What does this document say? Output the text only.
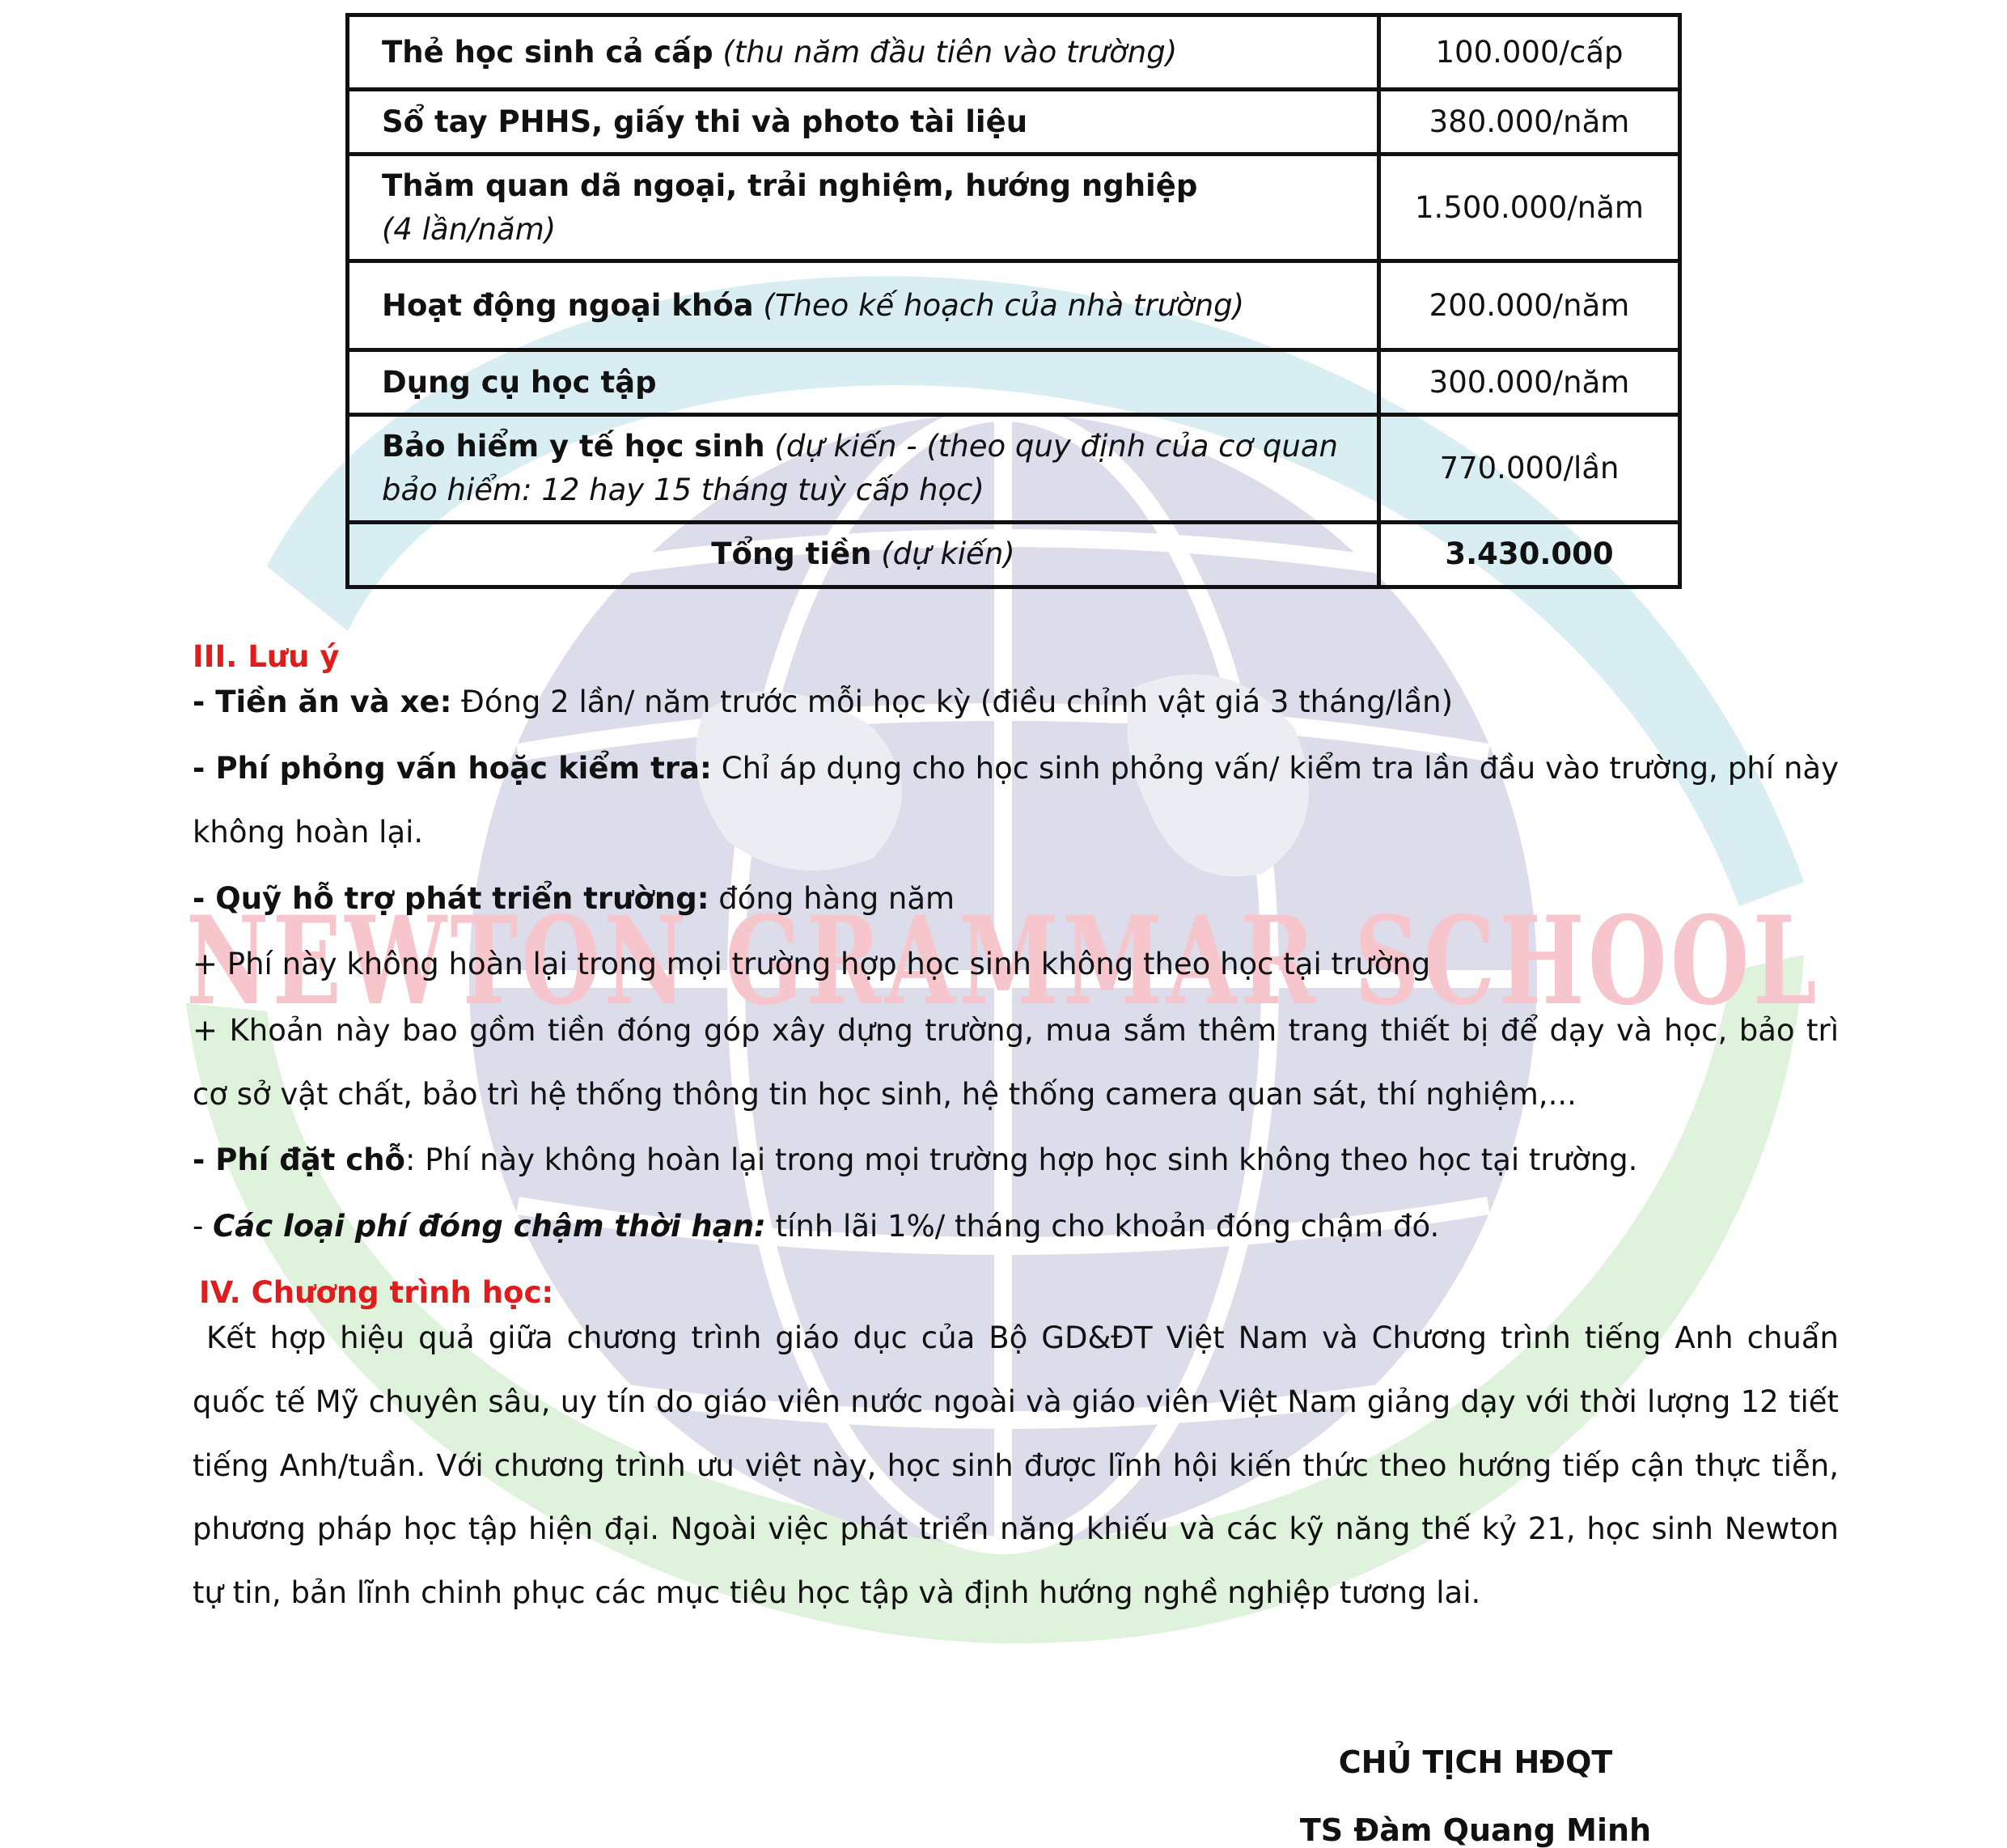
NEWTON GRAMMAR SCHOOL
Thẻ học sinh cả cấp (thu năm đầu tiên vào trường)	100.000/cấp
Sổ tay PHHS, giấy thi và photo tài liệu	380.000/năm
Thăm quan dã ngoại, trải nghiệm, hướng nghiệp
(4 lần/năm)	1.500.000/năm
Hoạt động ngoại khóa (Theo kế hoạch của nhà trường)	200.000/năm
Dụng cụ học tập	300.000/năm
Bảo hiểm y tế học sinh (dự kiến - (theo quy định của cơ quan
bảo hiểm: 12 hay 15 tháng tuỳ cấp học)	770.000/lần
Tổng tiền (dự kiến)	3.430.000
III. Lưu ý
- Tiền ăn và xe: Đóng 2 lần/ năm trước mỗi học kỳ (điều chỉnh vật giá 3 tháng/lần)
- Phí phỏng vấn hoặc kiểm tra: Chỉ áp dụng cho học sinh phỏng vấn/ kiểm tra lần đầu vào trường, phí này
không hoàn lại.
- Quỹ hỗ trợ phát triển trường: đóng hàng năm
+ Phí này không hoàn lại trong mọi trường hợp học sinh không theo học tại trường
+ Khoản này bao gồm tiền đóng góp xây dựng trường, mua sắm thêm trang thiết bị để dạy và học, bảo trì
cơ sở vật chất, bảo trì hệ thống thông tin học sinh, hệ thống camera quan sát, thí nghiệm,...
- Phí đặt chỗ: Phí này không hoàn lại trong mọi trường hợp học sinh không theo học tại trường.
- Các loại phí đóng chậm thời hạn: tính lãi 1%/ tháng cho khoản đóng chậm đó.
IV. Chương trình học:
Kết hợp hiệu quả giữa chương trình giáo dục của Bộ GD&ĐT Việt Nam và Chương trình tiếng Anh chuẩn
quốc tế Mỹ chuyên sâu, uy tín do giáo viên nước ngoài và giáo viên Việt Nam giảng dạy với thời lượng 12 tiết
tiếng Anh/tuần. Với chương trình ưu việt này, học sinh được lĩnh hội kiến thức theo hướng tiếp cận thực tiễn,
phương pháp học tập hiện đại. Ngoài việc phát triển năng khiếu và các kỹ năng thế kỷ 21, học sinh Newton
tự tin, bản lĩnh chinh phục các mục tiêu học tập và định hướng nghề nghiệp tương lai.
CHỦ TỊCH HĐQT
TS Đàm Quang Minh
